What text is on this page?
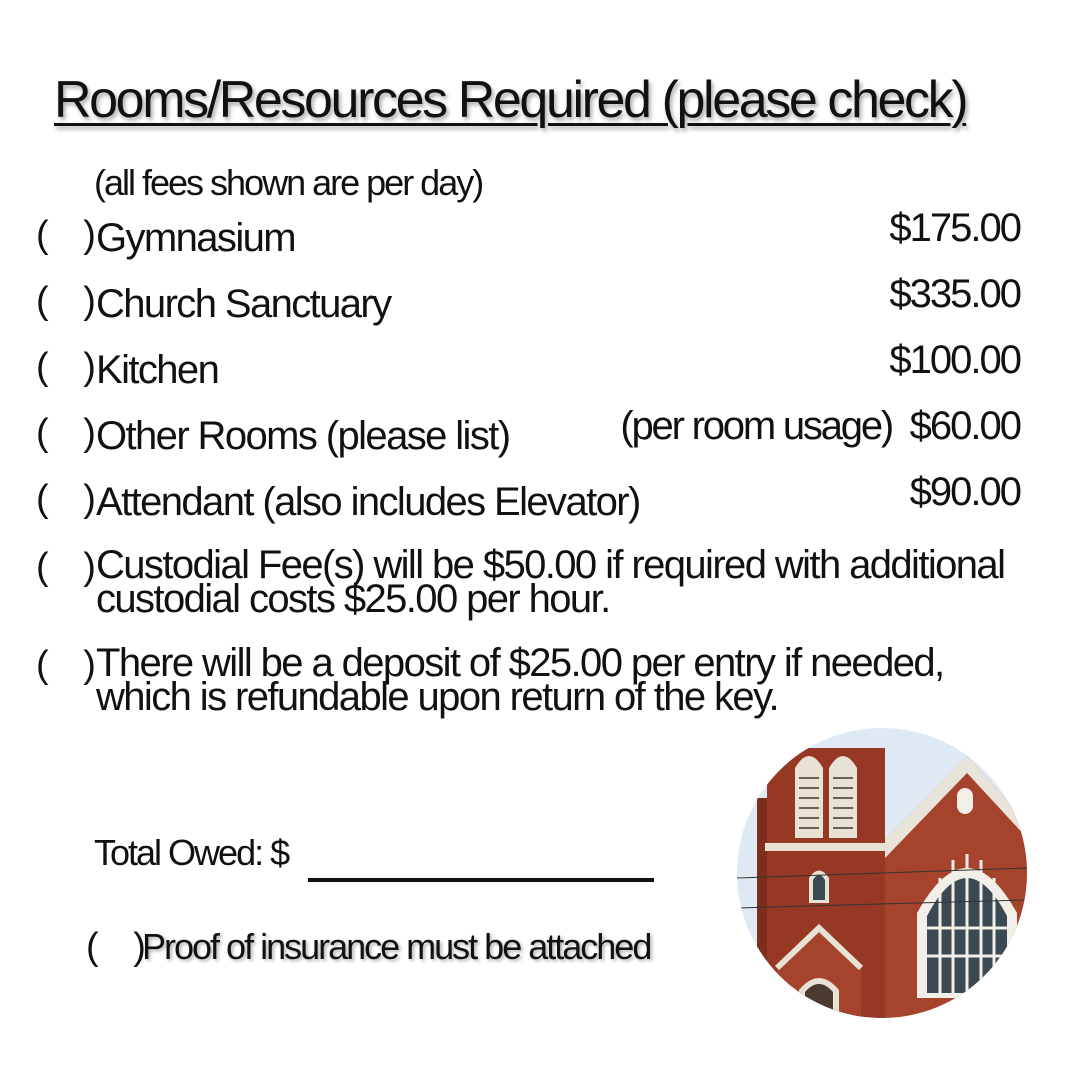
Rooms/Resources Required (please check)
(all fees shown are per day)
( )
Gymnasium	$175.00
( )
Church Sanctuary	$335.00
( )
Kitchen	$100.00
( )
Other Rooms (please list)	(per room usage) $60.00
( )
Attendant (also includes Elevator)	$90.00
( )
Custodial Fee(s) will be $50.00 if required with additional
custodial costs $25.00 per hour.
( )
There will be a deposit of $25.00 per entry if needed,
which is refundable upon return of the key.
Total Owed: $
( )
Proof of insurance must be attached
